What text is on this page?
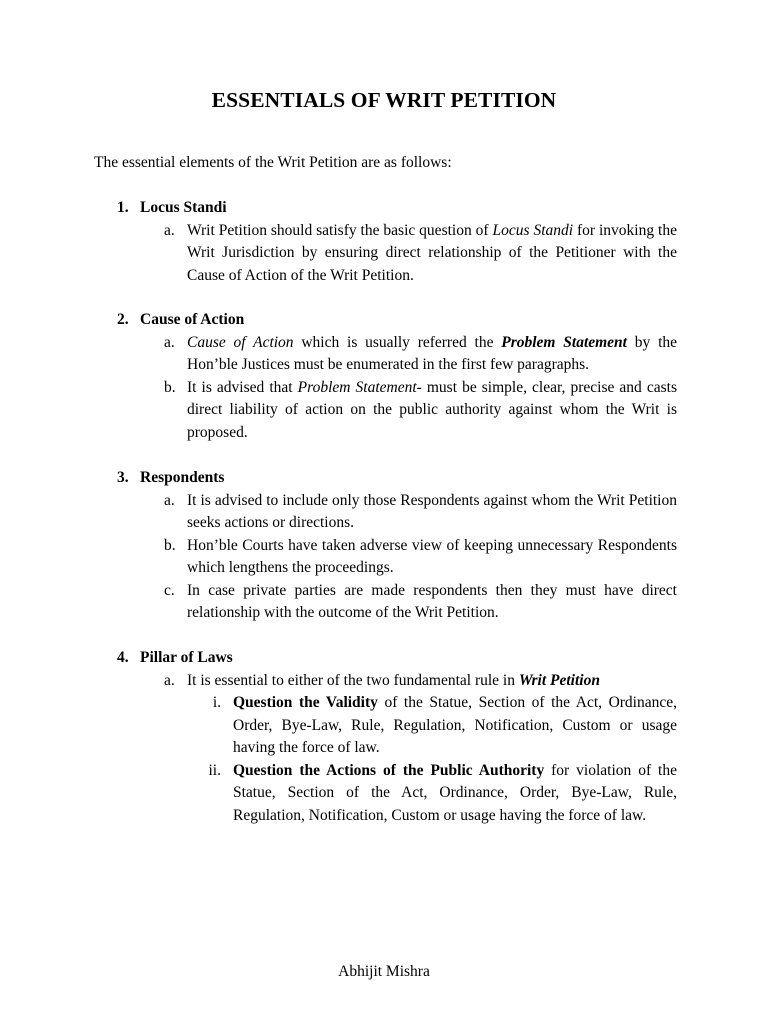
ESSENTIALS OF WRIT PETITION

The essential elements of the Writ Petition are as follows:

1. Locus Standi

a. Writ Petition should satisfy the basic question of Locus Standi for invoking the Writ Jurisdiction by ensuring direct relationship of the Petitioner with the Cause of Action of the Writ Petition.

2. Cause of Action

a. Cause of Action which is usually referred the Problem Statement by the Hon’ble Justices must be enumerated in the first few paragraphs.

b. It is advised that Problem Statement- must be simple, clear, precise and casts direct liability of action on the public authority against whom the Writ is proposed.

3. Respondents

a. It is advised to include only those Respondents against whom the Writ Petition seeks actions or directions.

b. Hon’ble Courts have taken adverse view of keeping unnecessary Respondents which lengthens the proceedings.

c. In case private parties are made respondents then they must have direct relationship with the outcome of the Writ Petition.

4. Pillar of Laws

a. It is essential to either of the two fundamental rule in Writ Petition

i. Question the Validity of the Statue, Section of the Act, Ordinance, Order, Bye-Law, Rule, Regulation, Notification, Custom or usage having the force of law.

ii. Question the Actions of the Public Authority for violation of the Statue, Section of the Act, Ordinance, Order, Bye-Law, Rule, Regulation, Notification, Custom or usage having the force of law.

Abhijit Mishra
